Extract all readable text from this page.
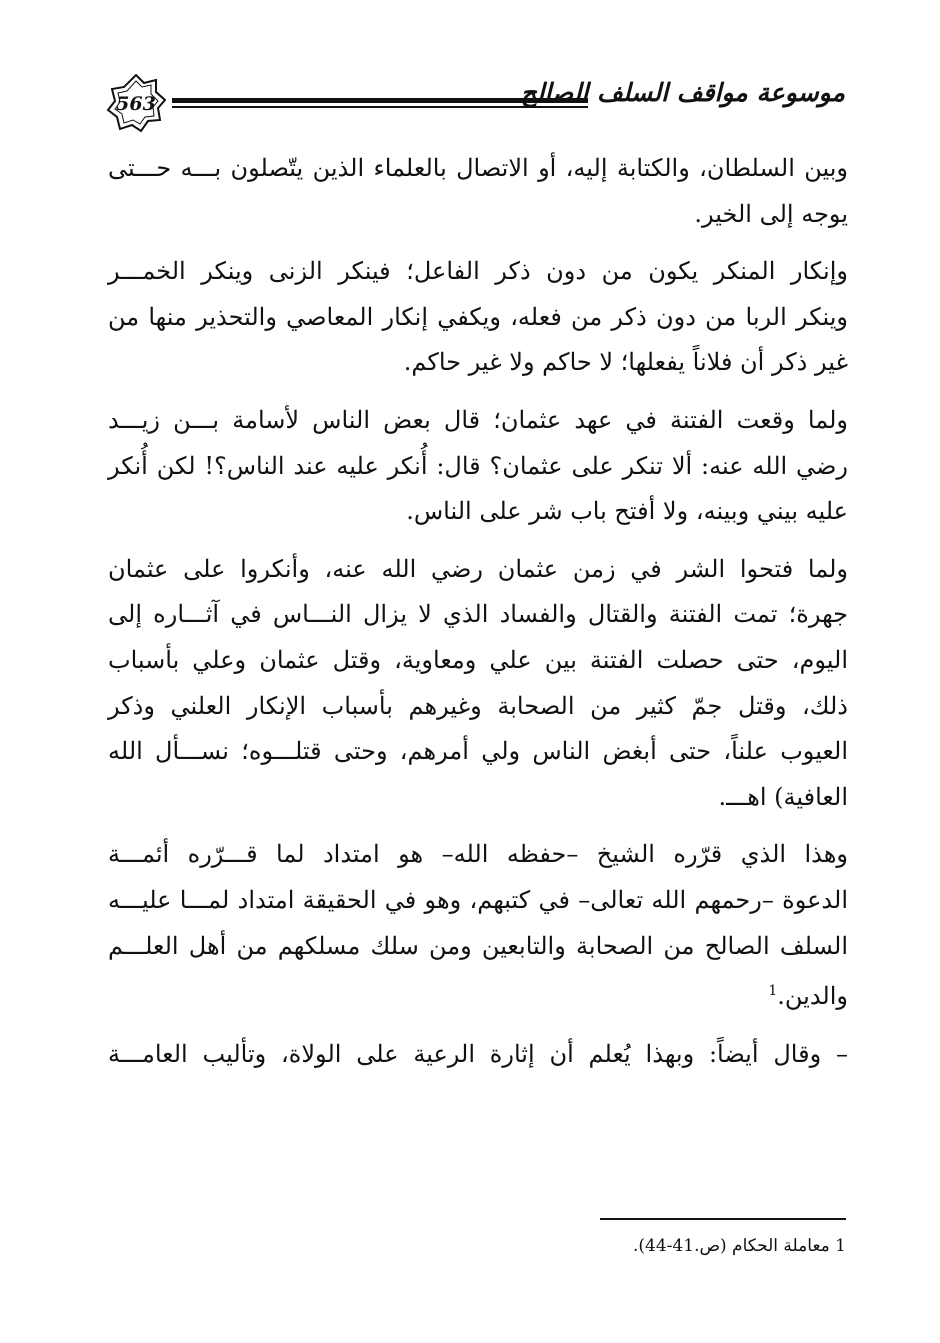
563	موسوعة مواقف السلف الصالح

وبين السلطان، والكتابة إليه، أو الاتصال بالعلماء الذين يتّصلون بـــه حـــتى
يوجه إلى الخير.

وإنكار المنكر يكون من دون ذكر الفاعل؛ فينكر الزنى وينكر الخمـــر
وينكر الربا من دون ذكر من فعله، ويكفي إنكار المعاصي والتحذير منها من
غير ذكر أن فلاناً يفعلها؛ لا حاكم ولا غير حاكم.

ولما وقعت الفتنة في عهد عثمان؛ قال بعض الناس لأسامة بـــن زيـــد
رضي الله عنه: ألا تنكر على عثمان؟ قال: أُنكر عليه عند الناس؟! لكن أُنكر
عليه بيني وبينه، ولا أفتح باب شر على الناس.

ولما فتحوا الشر في زمن عثمان رضي الله عنه، وأنكروا على عثمان
جهرة؛ تمت الفتنة والقتال والفساد الذي لا يزال النـــاس في آثـــاره إلى
اليوم، حتى حصلت الفتنة بين علي ومعاوية، وقتل عثمان وعلي بأسباب
ذلك، وقتل جمّ كثير من الصحابة وغيرهم بأسباب الإنكار العلني وذكر
العيوب علناً، حتى أبغض الناس ولي أمرهم، وحتى قتلـــوه؛ نســـأل الله
العافية) اهـــ.

وهذا الذي قرّره الشيخ –حفظه الله– هو امتداد لما قـــرّره أئمـــة
الدعوة –رحمهم الله تعالى– في كتبهم، وهو في الحقيقة امتداد لمـــا عليـــه
السلف الصالح من الصحابة والتابعين ومن سلك مسلكهم من أهل العلـــم
والدين.$^1$

– وقال أيضاً: وبهذا يُعلم أن إثارة الرعية على الولاة، وتأليب العامـــة

1 معاملة الحكام (ص.41-44).
